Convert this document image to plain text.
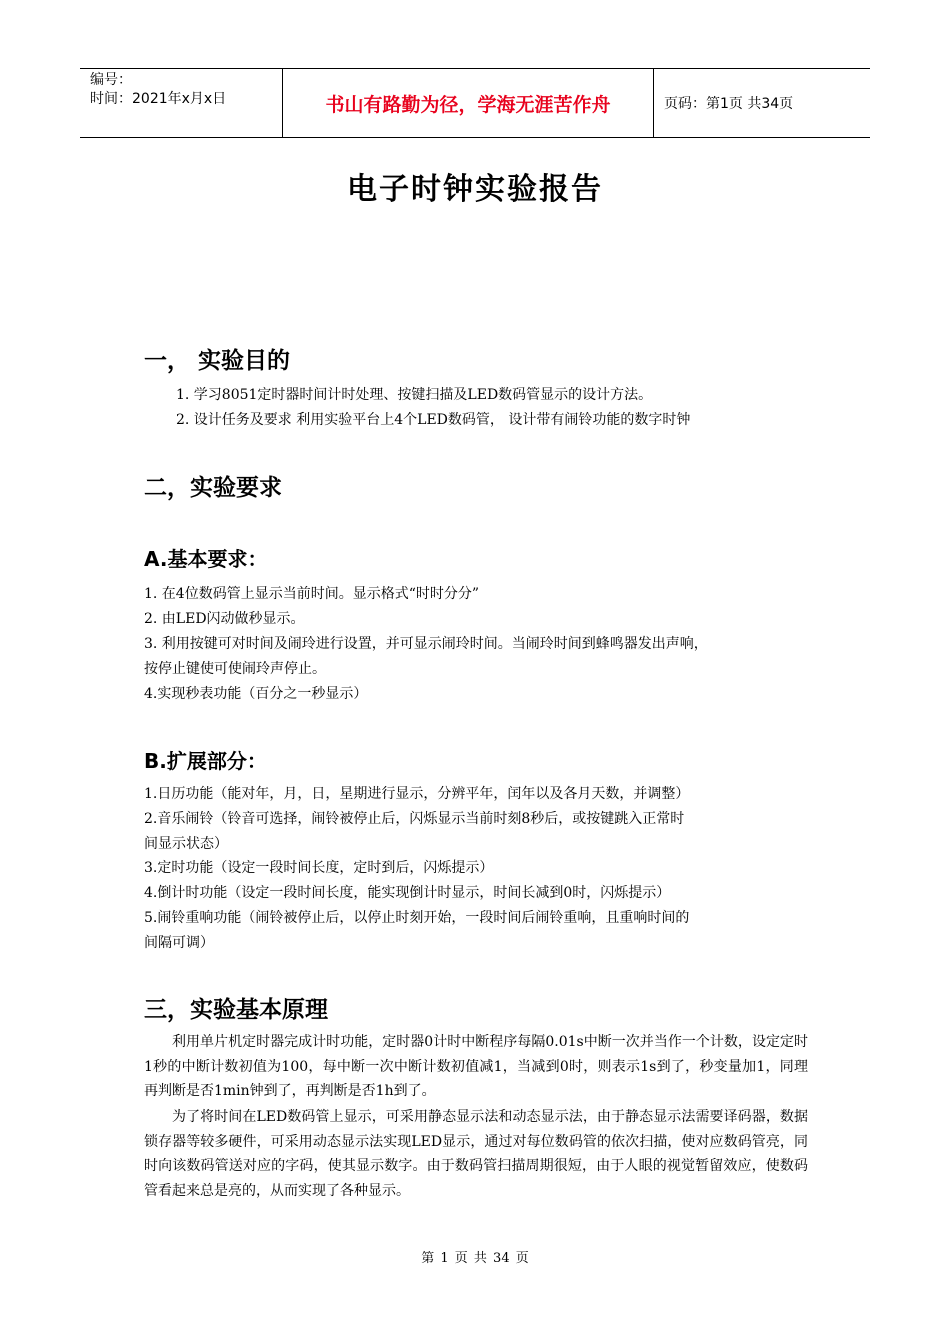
编号：
时间：2021年x月x日	书山有路勤为径，学海无涯苦作舟	页码：第1页 共34页
电子时钟实验报告
一， 实验目的
1. 学习8051定时器时间计时处理、按键扫描及LED数码管显示的设计方法。
2. 设计任务及要求 利用实验平台上4个LED数码管， 设计带有闹铃功能的数字时钟
二，实验要求
A.基本要求：
1. 在4位数码管上显示当前时间。显示格式“时时分分”
2. 由LED闪动做秒显示。
3. 利用按键可对时间及闹玲进行设置，并可显示闹玲时间。当闹玲时间到蜂鸣器发出声响，
按停止键使可使闹玲声停止。
4.实现秒表功能（百分之一秒显示）
B.扩展部分：
1.日历功能（能对年，月，日，星期进行显示，分辨平年，闰年以及各月天数，并调整）
2.音乐闹铃（铃音可选择，闹铃被停止后，闪烁显示当前时刻8秒后，或按键跳入正常时
间显示状态）
3.定时功能（设定一段时间长度，定时到后，闪烁提示）
4.倒计时功能（设定一段时间长度，能实现倒计时显示，时间长减到0时，闪烁提示）
5.闹铃重响功能（闹铃被停止后，以停止时刻开始，一段时间后闹铃重响，且重响时间的
间隔可调）
三，实验基本原理
利用单片机定时器完成计时功能，定时器0计时中断程序每隔0.01s中断一次并当作一个计数，设定定时1秒的中断计数初值为100，每中断一次中断计数初值减1，当减到0时，则表示1s到了，秒变量加1，同理再判断是否1min钟到了，再判断是否1h到了。
为了将时间在LED数码管上显示，可采用静态显示法和动态显示法，由于静态显示法需要译码器，数据锁存器等较多硬件，可采用动态显示法实现LED显示，通过对每位数码管的依次扫描，使对应数码管亮，同时向该数码管送对应的字码，使其显示数字。由于数码管扫描周期很短，由于人眼的视觉暂留效应，使数码管看起来总是亮的，从而实现了各种显示。
第 1 页 共 34 页
